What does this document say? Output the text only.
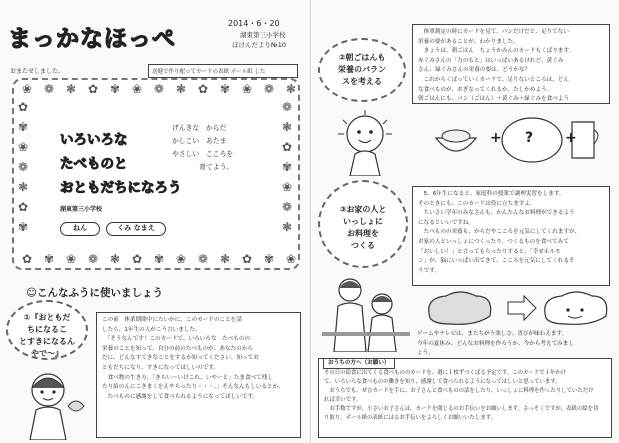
まっかなほっぺ
2014・6・20
湖東第三小学校
ほけんだより№10
おまたせしました。	送健で作り配ってカードの表紙 ボール紙 した
❀
✿
❁
✾
❃
❀
✿
❁
✾
❃
❀
✿
❁
✾
❃
❀
✿
❁
✾
❃
❀
✿
❁
✾
❃
❀
✿	❁
✾	❃
❀	✿
❁	✾
❃	❀
✿	❁
✾	❃
いろいろな
たべものと
おともだちになろう
げんきな　からだ
かしこい　あたま
やさしい　こころを
　　　　育てよう。
湖東第三小学校
ねん	くみ なまえ
☺こんなふうに使いましょう
①『おともだ
ちになるこ
とすきになるん
やで〜』

この前　休業期間中にたいかに、このカードのことを話

したら、1年生の人がこう言いました。

　「そうなんです！このカードで、いろいろな　たべものの

栄養のことを知って、自分の前のたべものが、あなたのから

だに、どんなすてきなことをするか知ってください。知ってお

ともだちになり、すきになってほしいのです。

　食べ物の生き方、「きらい〜いけこれ、いやーと」たま食べて残し

たり給のんにこきまくをえやらったり・・・。」そんなんもしいるとか。

　たべものに感謝をして食べられるようになってほしいです。

②朝ごはんも
栄養のバラン
スを考える

　体重測定の時にカードを見て、パンだけだと、足りてない

栄養の要があることが、わかりました。

　きょうは、朝ごはん　ちょうかみんのカードもくばります。

赤ぐみさんの「力のもと」はいっぱいあるけれど、黄ぐみ

さん、緑ぐみさんの栄養の要は、どうかな？

　これからくばっていくカードで、足りないところは、どん

な食べものが、おぎなってくれるか、たしかめよう。

朝ごはんにも、パン（ごはん）＋黄ぐみ＋緑ぐみを食べよう

+	+
?
③お家の人と
いっしょに
お料理を
つくる

　5、6年生になると、家庭科の授業で調理実習をします。

そのときにも、このカードは役に立ちますよ。

　ちいさい学年のみなさんも、かんたんなお料理ができるよう

になるといいですね。

　たべものの栄養も、からだやこころを元気にしてくれますが、

お家の人といっしょにつくったり、つくるものを食べてみて

「おいしい！」と言ってもらったりすると、「幸せホルモ

ン」が、脳にいっぱい出てきて、こころを元気にしてくれるそ

うです。

ゲームやテレビは、またちがう楽しさ、喜びが味わえます。

今年の夏休み、どんなお料理を作ろうか、今から考えてみまし

ょう。

おうちの方へ（お願い）

その日の給食に出てくる食べもののカードを、週に１枚ずつくばる予定です。このカードで１年かけ

て、いろいろな食べものの働きを知り、感謝して食べられるようになってほしいと思っています。

　おうちでも、ぜひカードを手に、お子さんと食べものの話をしたり、いっしょに料理を作ったりしていただけ

れば幸いです。

　お手数ですが、小さいお子さんは、カードを閉じるのお手伝いをお願いします。さっそくですが、表紙の絵を切

り取り、ボール紙の表紙にはるお手伝いをよろしくお願いいたします。
